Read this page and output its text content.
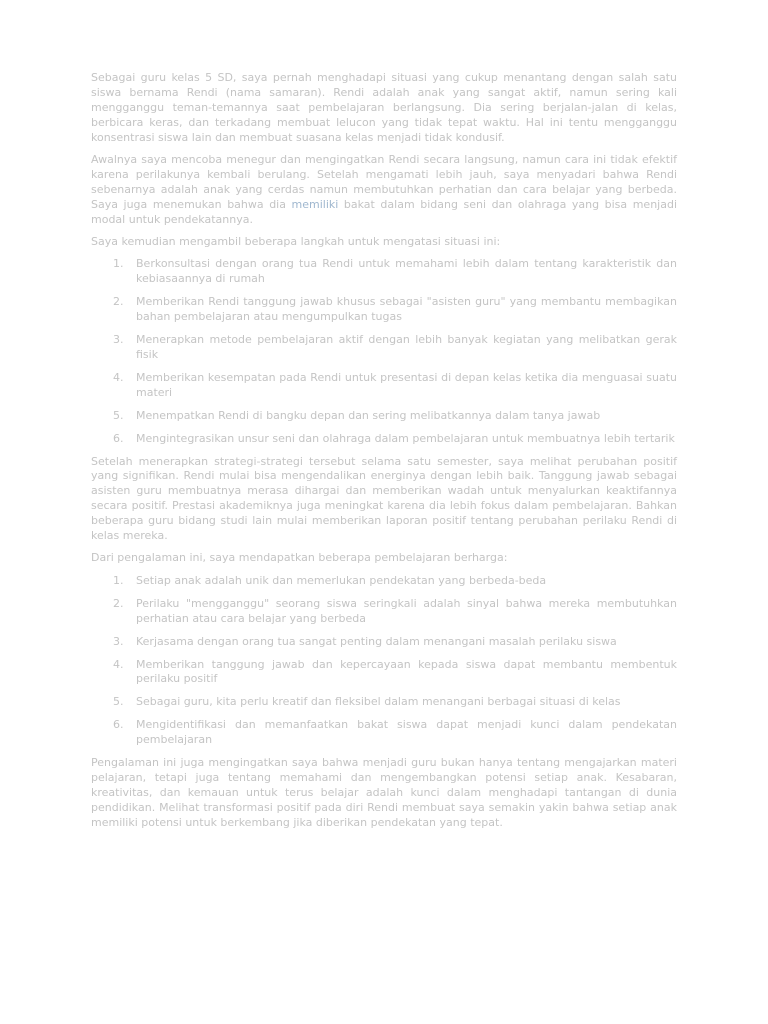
Sebagai guru kelas 5 SD, saya pernah menghadapi situasi yang cukup menantang dengan salah satu siswa bernama Rendi (nama samaran). Rendi adalah anak yang sangat aktif, namun sering kali mengganggu teman-temannya saat pembelajaran berlangsung. Dia sering berjalan-jalan di kelas, berbicara keras, dan terkadang membuat lelucon yang tidak tepat waktu. Hal ini tentu mengganggu konsentrasi siswa lain dan membuat suasana kelas menjadi tidak kondusif.

Awalnya saya mencoba menegur dan mengingatkan Rendi secara langsung, namun cara ini tidak efektif karena perilakunya kembali berulang. Setelah mengamati lebih jauh, saya menyadari bahwa Rendi sebenarnya adalah anak yang cerdas namun membutuhkan perhatian dan cara belajar yang berbeda. Saya juga menemukan bahwa dia memiliki bakat dalam bidang seni dan olahraga yang bisa menjadi modal untuk pendekatannya.

Saya kemudian mengambil beberapa langkah untuk mengatasi situasi ini:

1.	Berkonsultasi dengan orang tua Rendi untuk memahami lebih dalam tentang karakteristik dan kebiasaannya di rumah
2.	Memberikan Rendi tanggung jawab khusus sebagai "asisten guru" yang membantu membagikan bahan pembelajaran atau mengumpulkan tugas
3.	Menerapkan metode pembelajaran aktif dengan lebih banyak kegiatan yang melibatkan gerak fisik
4.	Memberikan kesempatan pada Rendi untuk presentasi di depan kelas ketika dia menguasai suatu materi
5.	Menempatkan Rendi di bangku depan dan sering melibatkannya dalam tanya jawab
6.	Mengintegrasikan unsur seni dan olahraga dalam pembelajaran untuk membuatnya lebih tertarik

Setelah menerapkan strategi-strategi tersebut selama satu semester, saya melihat perubahan positif yang signifikan. Rendi mulai bisa mengendalikan energinya dengan lebih baik. Tanggung jawab sebagai asisten guru membuatnya merasa dihargai dan memberikan wadah untuk menyalurkan keaktifannya secara positif. Prestasi akademiknya juga meningkat karena dia lebih fokus dalam pembelajaran. Bahkan beberapa guru bidang studi lain mulai memberikan laporan positif tentang perubahan perilaku Rendi di kelas mereka.

Dari pengalaman ini, saya mendapatkan beberapa pembelajaran berharga:

1.	Setiap anak adalah unik dan memerlukan pendekatan yang berbeda-beda
2.	Perilaku "mengganggu" seorang siswa seringkali adalah sinyal bahwa mereka membutuhkan perhatian atau cara belajar yang berbeda
3.	Kerjasama dengan orang tua sangat penting dalam menangani masalah perilaku siswa
4.	Memberikan tanggung jawab dan kepercayaan kepada siswa dapat membantu membentuk perilaku positif
5.	Sebagai guru, kita perlu kreatif dan fleksibel dalam menangani berbagai situasi di kelas
6.	Mengidentifikasi dan memanfaatkan bakat siswa dapat menjadi kunci dalam pendekatan pembelajaran

Pengalaman ini juga mengingatkan saya bahwa menjadi guru bukan hanya tentang mengajarkan materi pelajaran, tetapi juga tentang memahami dan mengembangkan potensi setiap anak. Kesabaran, kreativitas, dan kemauan untuk terus belajar adalah kunci dalam menghadapi tantangan di dunia pendidikan. Melihat transformasi positif pada diri Rendi membuat saya semakin yakin bahwa setiap anak memiliki potensi untuk berkembang jika diberikan pendekatan yang tepat.
